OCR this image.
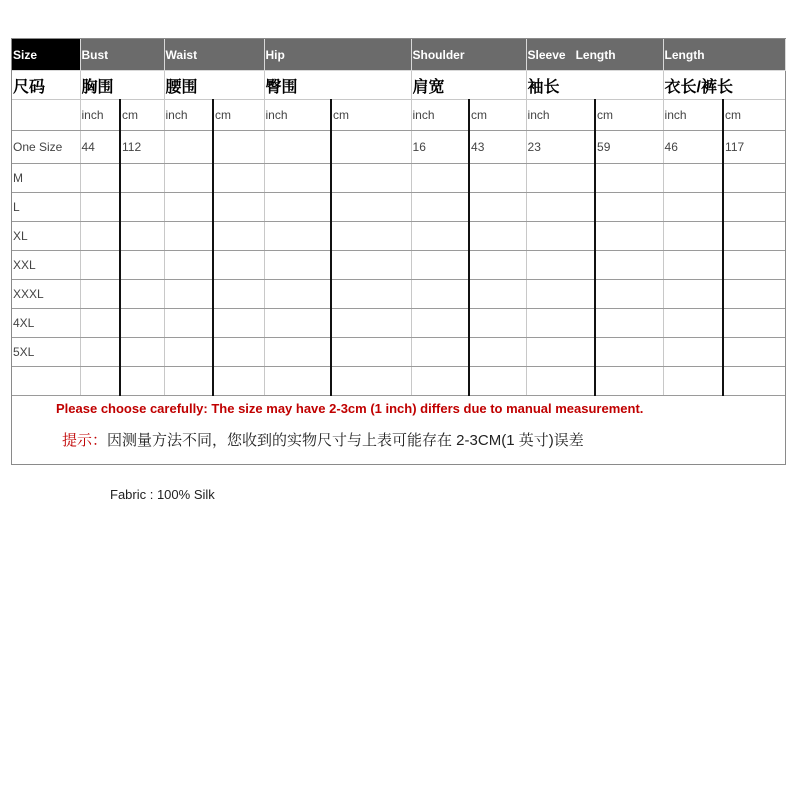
Size	Bust		Waist		Hip		Shoulder		Sleeve   Length		Length	
尺码	胸围		腰围		臀围		肩宽		袖长		衣长/裤长	
	inch	cm	inch	cm	inch	cm	inch	cm	inch	cm	inch	cm
One Size	44	112					16	43	23	59	46	117
M												
L												
XL												
XXL												
XXXL												
4XL												
5XL												

Please choose carefully: The size may have 2-3cm (1 inch) differs due to manual measurement.
提示：因测量方法不同，您收到的实物尺寸与上表可能存在 2-3CM(1 英寸)误差
Fabric : 100% Silk
